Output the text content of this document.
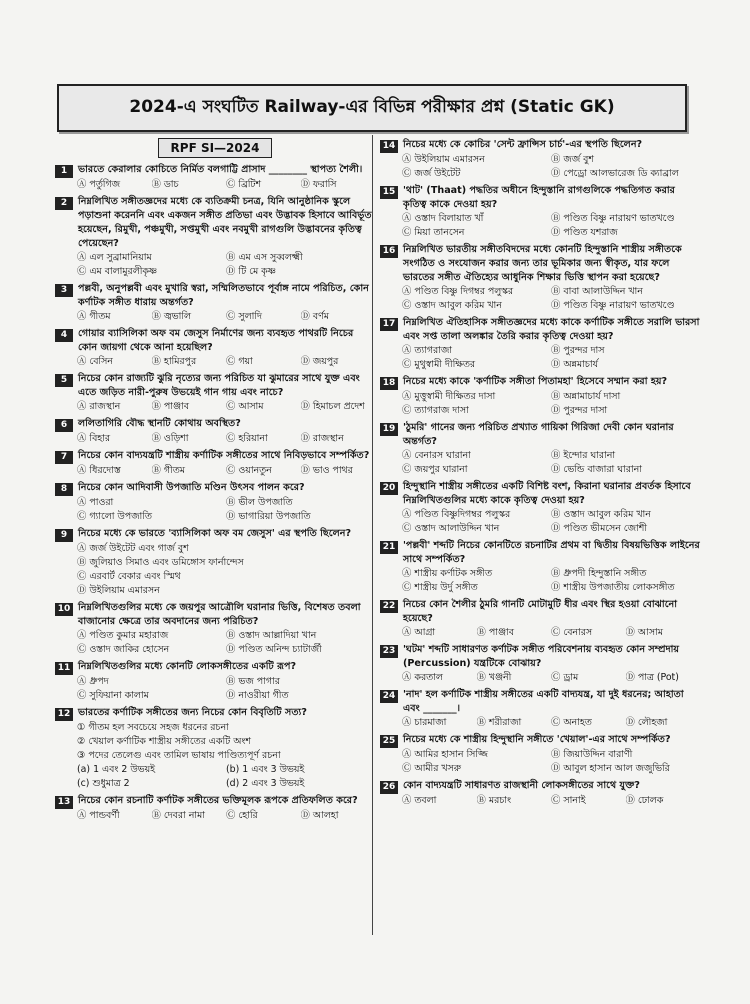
2024-এ সংঘটিত Railway-এর বিভিন্ন পরীক্ষার প্রশ্ন (Static GK)
RPF SI—2024
1	ভারতে কেরালার কোচিতে নির্মিত বলগাট্টি প্রাসাদ ________ স্থাপত্য শৈলী।
Ⓐ পর্তুগিজ	Ⓑ ডাচ	Ⓒ ব্রিটিশ	Ⓓ ফরাসি
2	নিম্নলিখিত সঙ্গীতজ্ঞদের মধ্যে কে ব্যতিক্রমী চনত্র, যিনি আনুষ্ঠানিক স্কুলে পড়াশুনা করেননি এবং একজন সঙ্গীত প্রতিভা এবং উদ্ভাবক হিসাবে আবির্ভূত হয়েছেন, রিমুখী, পঞ্চমুখী, সপ্তমুখী এবং নবমুখী রাগগুলি উদ্ভাবনের কৃতিত্ব পেয়েছেন?
Ⓐ এল সুব্রামানিয়াম	Ⓑ এম এস সুব্বলক্ষ্মী
Ⓒ এম বালামুরলীকৃষ্ণ	Ⓓ টি মে কৃষ্ণ
3	পল্লবী, অনুপল্লবী এবং মুখারি স্বরা, সম্মিলিতভাবে পূর্বাঙ্গ নামে পরিচিত, কোন কর্ণাটক সঙ্গীত ধারায় অন্তর্গত?
Ⓐ গীতম	Ⓑ জ্বভালি	Ⓒ সুলাদি	Ⓓ বর্ণম
4	গোয়ার ব্যাসিলিকা অফ বম জেসুস নির্মাণের জন্য ব্যবহৃত পাথরটি নিচের কোন জায়গা থেকে আনা হয়েছিল?
Ⓐ বেসিন	Ⓑ হামিরপুর	Ⓒ গয়া	Ⓓ জয়পুর
5	নিচের কোন রাজ্যটি ঝুরি নৃত্যের জন্য পরিচিত যা ঝুমারের সাথে যুক্ত এবং এতে জড়িত নারী-পুরুষ উভয়েই গান গায় এবং নাচে?
Ⓐ রাজস্থান	Ⓑ পাঞ্জাব	Ⓒ আসাম	Ⓓ হিমাচল প্রদেশ
6	ললিতাগিরি বৌদ্ধ স্থানটি কোথায় অবস্থিত?
Ⓐ বিহার	Ⓑ ওড়িশা	Ⓒ হরিয়ানা	Ⓓ রাজস্থান
7	নিচের কোন বাদ্যযন্ত্রটি শাস্ত্রীয় কর্ণাটিক সঙ্গীতের সাথে নিবিড়ভাবে সম্পর্কিত?
Ⓐ ধিরদোস্ত	Ⓑ গীতম	Ⓒ ওয়ানতুন	Ⓓ ভাও পাথর
8	নিচের কোন আদিবাসী উপজাতি মণ্ডিন উৎসব পালন করে?
Ⓐ পাওরা	Ⓑ ভীল উপজাতি
Ⓒ গ্যালো উপজাতি	Ⓓ ভাগারিয়া উপজাতি
9	নিচের মধ্যে কে ভারতে 'ব্যাসিলিকা অফ বম জেসুস' এর স্থপতি ছিলেন?
Ⓐ জর্জ উইটেট এবং গার্জ বুশ
Ⓑ জুলিয়াও সিমাও এবং ডমিঙ্গোস ফার্নান্দেস
Ⓒ এরবার্ট বেকার এবং স্মিথ
Ⓓ উইলিয়াম এমারসন
10 নিম্নলিখিতগুলির মধ্যে কে জয়পুর আত্রৌলি ঘরানার ভিত্তি, বিশেষত তবলা বাজানোর ক্ষেত্রে তার অবদানের জন্য পরিচিত?
Ⓐ পণ্ডিত কুমার মহারাজ	Ⓑ ওস্তাদ আল্লাদিয়া খান
Ⓒ ওস্তাদ জাকির হোসেন	Ⓓ পণ্ডিত অনিন্দ চ্যাটার্জী
11 নিম্নলিখিতগুলির মধ্যে কোনটি লোকসঙ্গীতের একটি রূপ?
Ⓐ ধ্রুপদ	Ⓑ ভজ পাগার
Ⓒ সুফিয়ানা কালাম	Ⓓ নাওরীয়া গীত
12 ভারতের কর্ণাটিক সঙ্গীতের জন্য নিচের কোন বিবৃতিটি সত্য?
① গীতম হল সবচেয়ে সহজ ধরনের রচনা
② খেয়াল কর্ণাটিক শাস্ত্রীয় সঙ্গীতের একটি অংশ
③ পদের তেলেগু এবং তামিল ভাষায় পাণ্ডিত্যপূর্ণ রচনা
(a) 1 এবং 2 উভয়ই	(b) 1 এবং 3 উভয়ই
(c) শুধুমাত্র 2	(d) 2 এবং 3 উভয়ই
13 নিচের কোন রচনাটি কর্ণাটক সঙ্গীতের ভক্তিমূলক রূপকে প্রতিফলিত করে?
Ⓐ পান্ডবর্ণী	Ⓑ দেবরা নামা Ⓒ হোরি	Ⓓ আলহা
14 নিচের মধ্যে কে কোচির 'সেন্ট ফ্রান্সিস চার্চ'-এর স্থপতি ছিলেন?
Ⓐ উইলিয়াম এমারসন	Ⓑ জর্জ বুশ
Ⓒ জর্জ উইটেট	Ⓓ পেড্রো আলভারেজ ডি ক্যাব্রাল
15 'থাট' (Thaat) পদ্ধতির অধীনে হিন্দুস্তানি রাগগুলিকে পদ্ধতিগত করার কৃতিত্ব কাকে দেওয়া হয়?
Ⓐ ওস্তাদ বিলায়াত খাঁ	Ⓑ পণ্ডিত বিষ্ণু নারায়ণ ভাতখণ্ডে
Ⓒ মিয়া তানসেন	Ⓓ পণ্ডিত যশরাজ
16 নিম্নলিখিত ভারতীয় সঙ্গীতবিদদের মধ্যে কোনটি হিন্দুস্তানি শাস্ত্রীয় সঙ্গীতকে সংগঠিত ও সংযোজন করার জন্য তার ভূমিকার জন্য স্বীকৃত, যার ফলে ভারতের সঙ্গীত ঐতিহ্যের আধুনিক শিক্ষার ভিত্তি স্থাপন করা হয়েছে?
Ⓐ পণ্ডিত বিষ্ণু দিগম্বর পলুস্কর	Ⓑ বাবা আলাউদ্দিন খান
Ⓒ ওস্তাদ আবুল করিম খান	Ⓓ পণ্ডিত বিষ্ণু নারায়ণ ভাতখণ্ডে
17 নিম্নলিখিত ঐতিহাসিক সঙ্গীতজ্ঞদের মধ্যে কাকে কর্ণাটিক সঙ্গীতে সরালি ভারসা এবং সপ্ত তালা অলঙ্কার তৈরি করার কৃতিত্ব দেওয়া হয়?
Ⓐ ত্যাগরাজা	Ⓑ পুরন্দর দাস
Ⓒ মুথুস্বামী দীক্ষিতর	Ⓓ অন্নমাচার্য
18 নিচের মধ্যে কাকে 'কর্ণাটিক সঙ্গীতা পিতামহা' হিসেবে সম্মান করা হয়?
Ⓐ মুত্তুস্বামী দীক্ষিতর দাসা	Ⓑ অন্নামাচার্য দাসা
Ⓒ ত্যাগরাজ দাসা	Ⓓ পুরন্দর দাসা
19 'ঠুমরি' গানের জন্য পরিচিত প্রখ্যাত গায়িকা গিরিজা দেবী কোন ঘরানার অন্তর্গত?
Ⓐ বেনারস ঘারানা	Ⓑ ইন্দোর ঘারানা
Ⓒ জয়পুর ঘারানা	Ⓓ ভেন্ডি বাজারা ঘারানা
20 হিন্দুস্থানি শাস্ত্রীয় সঙ্গীতের একটি বিশিষ্ট বংশ, কিরানা ঘরানার প্রবর্তক হিসাবে নিম্নলিখিতগুলির মধ্যে কাকে কৃতিত্ব দেওয়া হয়?
Ⓐ পণ্ডিত বিষ্ণুদিগম্বর পলুস্কর	Ⓑ ওস্তাদ আবুল করিম খান
Ⓒ ওস্তাদ আলাউদ্দিন খান	Ⓓ পণ্ডিত ভীমসেন জোশী
21 'পল্লবী' শব্দটি নিচের কোনটিতে রচনাটির প্রথম বা দ্বিতীয় বিষয়ভিত্তিক লাইনের সাথে সম্পর্কিত?
Ⓐ শাস্ত্রীয় কর্ণাটক সঙ্গীত	Ⓑ ধ্রুপদী হিন্দুস্তানি সঙ্গীত
Ⓒ শাস্ত্রীয় উর্দু সঙ্গীত	Ⓓ শাস্ত্রীয় উপজাতীয় লোকসঙ্গীত
22 নিচের কোন শৈলীর ঠুমরি গানটি মোটামুটি ধীর এবং স্থির হওয়া বোঝানো হয়েছে?
Ⓐ আগ্রা	Ⓑ পাঞ্জাব	Ⓒ বেনারস	Ⓓ আসাম
23 'ঘটম' শব্দটি সাধারণত কর্ণাটক সঙ্গীত পরিবেশনায় ব্যবহৃত কোন সম্প্রদায় (Percussion) যন্ত্রটিকে বোঝায়?
Ⓐ করতাল	Ⓑ খঞ্জনী	Ⓒ ড্রাম	Ⓓ পাত্র (Pot)
24 'নাদ' হল কর্ণাটিক শাস্ত্রীয় সঙ্গীতের একটি বাদ্যযন্ত্র, যা দুই ধরনের; আহাতা এবং _______।
Ⓐ চারমাজা	Ⓑ শরীরাজা	Ⓒ অনাহত	Ⓓ লৌহজা
25 নিচের মধ্যে কে শাস্ত্রীয় হিন্দুস্থানি সঙ্গীতে 'খেয়াল'-এর সাথে সম্পর্কিত?
Ⓐ আমির হাসান সিজ্জি	Ⓑ জিয়াউদ্দিন বারাণী
Ⓒ আমীর খসরু	Ⓓ আবুল হাসান আল জজুভিরি
26 কোন বাদ্যযন্ত্রটি সাধারণত রাজস্থানী লোকসঙ্গীতের সাথে যুক্ত?
Ⓐ তবলা	Ⓑ মরচাং	Ⓒ সানাই	Ⓓ ঢোলক
